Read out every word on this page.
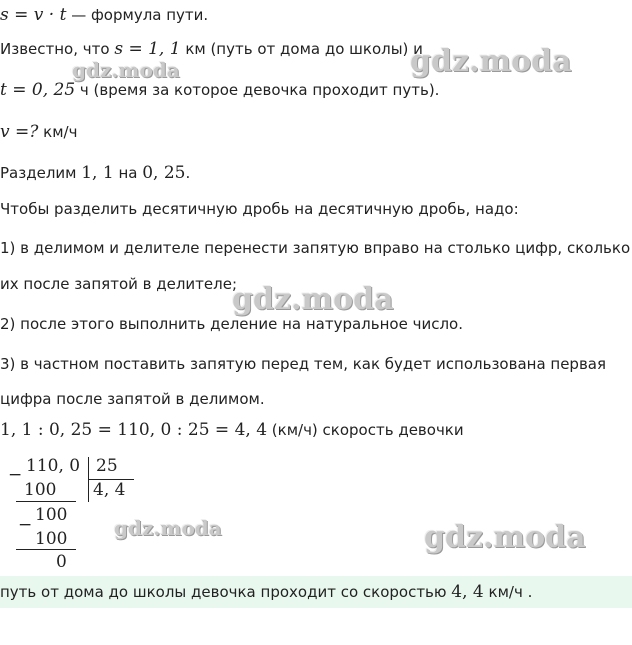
s = v · t — формула пути.
Известно, что s = 1, 1 км (путь от дома до школы) и
t = 0, 25 ч (время за которое девочка проходит путь).
v =? км/ч
Разделим 1, 1 на 0, 25.
Чтобы разделить десятичную дробь на десятичную дробь, надо:
1) в делимом и делителе перенести запятую вправо на столько цифр, сколько
их после запятой в делителе;
2) после этого выполнить деление на натуральное число.
3) в частном поставить запятую перед тем, как будет использована первая
цифра после запятой в делимом.
1, 1 : 0, 25 = 110, 0 : 25 = 4, 4 (км/ч) скорость девочки
− 110, 0 25
100 4, 4
− 100
100
0
путь от дома до школы девочка проходит со скоростью 4, 4 км/ч .
gdz.moda	gdz.moda
gdz.moda
gdz.moda	gdz.moda
